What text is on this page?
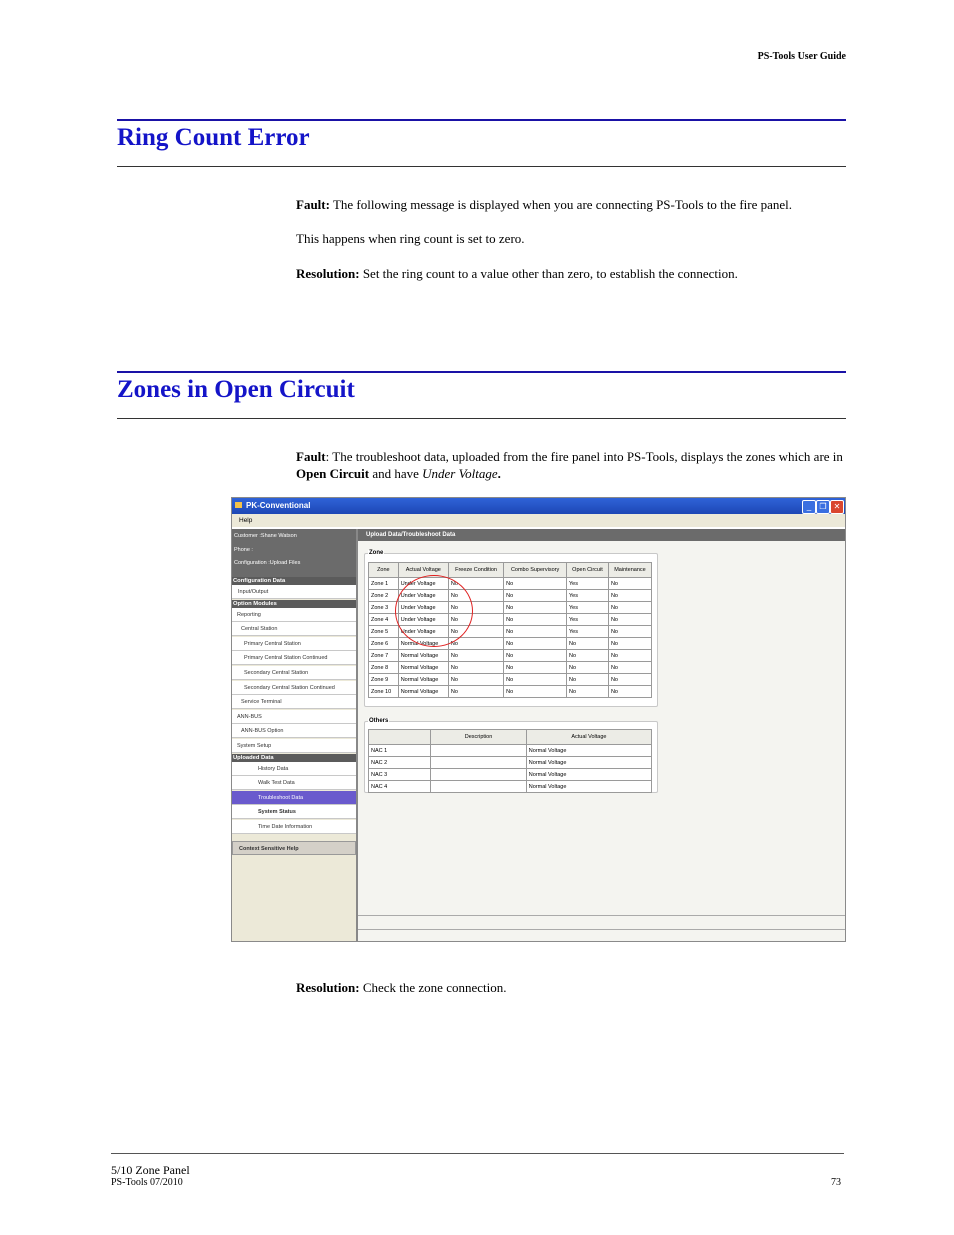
PS-Tools User Guide
Ring Count Error
Fault: The following message is displayed when you are connecting PS-Tools to the fire panel.
This happens when ring count is set to zero.
Resolution: Set the ring count to a value other than zero, to establish the connection.
Zones in Open Circuit
Fault: The troubleshoot data, uploaded from the fire panel into PS-Tools, displays the zones which are in Open Circuit and have Under Voltage.
PK-Conventional	_	❐ ✕
Help
Customer :Shane Watson
Phone :
Configuration :Upload Files
Configuration Data
Input/Output
Option Modules
Reporting
Central Station
Primary Central Station
Primary Central Station Continued
Secondary Central Station
Secondary Central Station Continued
Service Terminal
ANN-BUS
ANN-BUS Option
System Setup
Uploaded Data
History Data
Walk Test Data
Troubleshoot Data
System Status
Time Date Information
Context Sensitive Help
Upload Data/Troubleshoot Data
Zone
Zone	Actual Voltage	Freeze Condition	Combo Supervisory	Open Circuit	Maintenance
Zone 1	Under Voltage	No	No	Yes	No
Zone 2	Under Voltage	No	No	Yes	No
Zone 3	Under Voltage	No	No	Yes	No
Zone 4	Under Voltage	No	No	Yes	No
Zone 5	Under Voltage	No	No	Yes	No
Zone 6	Normal Voltage	No	No	No	No
Zone 7	Normal Voltage	No	No	No	No
Zone 8	Normal Voltage	No	No	No	No
Zone 9	Normal Voltage	No	No	No	No
Zone 10	Normal Voltage	No	No	No	No
Others
	Description	Actual Voltage
NAC 1		Normal Voltage
NAC 2		Normal Voltage
NAC 3		Normal Voltage
NAC 4		Normal Voltage
Resolution: Check the zone connection.
5/10 Zone Panel
PS-Tools 07/2010	73
